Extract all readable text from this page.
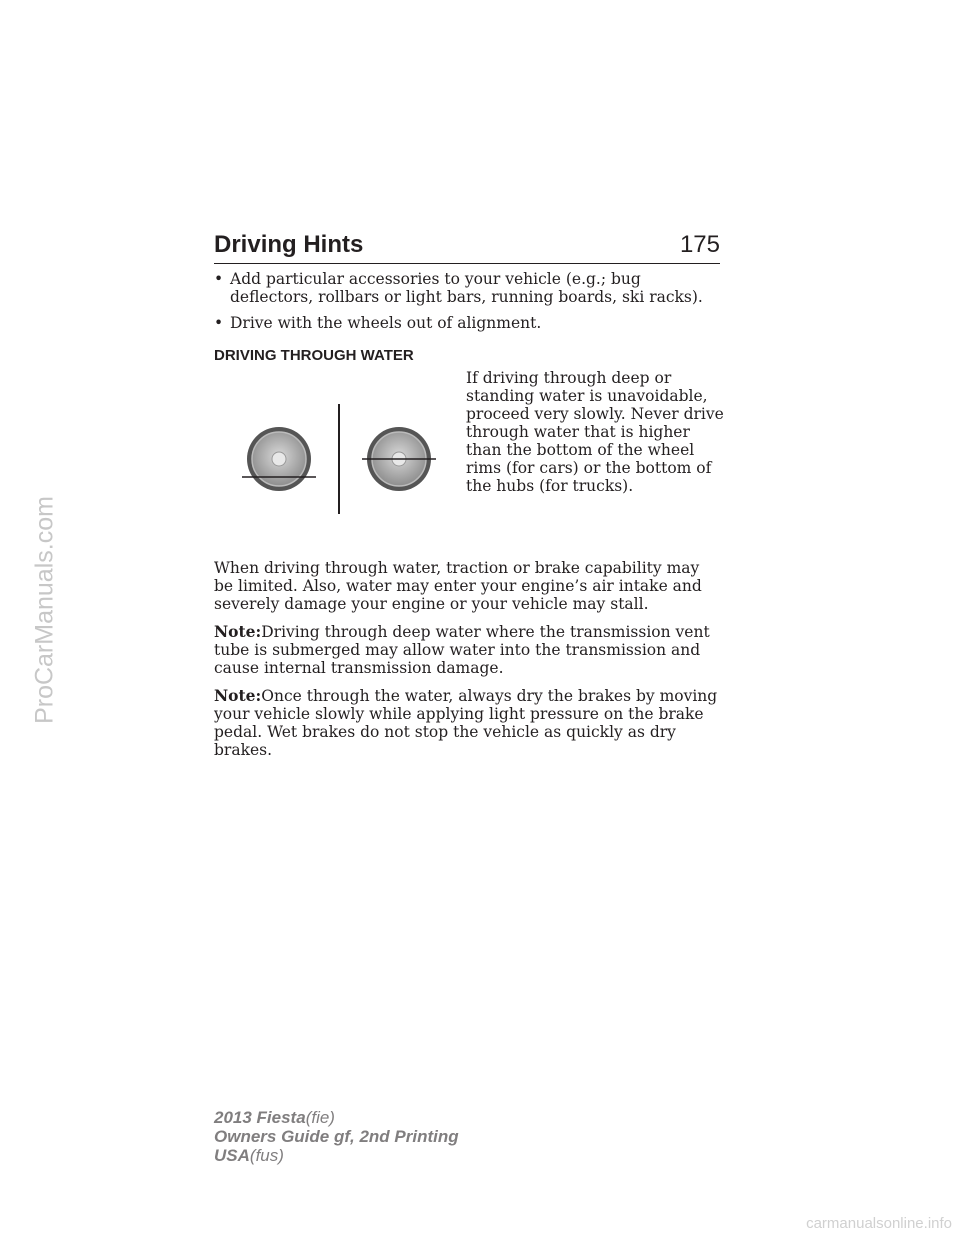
ProCarManuals.com
Driving Hints	175
• Add particular accessories to your vehicle (e.g.; bug deflectors, rollbars or light bars, running boards, ski racks).
• Drive with the wheels out of alignment.
DRIVING THROUGH WATER
If driving through deep or standing water is unavoidable, proceed very slowly. Never drive through water that is higher than the bottom of the wheel rims (for cars) or the bottom of the hubs (for trucks).
When driving through water, traction or brake capability may be limited. Also, water may enter your engine’s air intake and severely damage your engine or your vehicle may stall.
Note:Driving through deep water where the transmission vent tube is submerged may allow water into the transmission and cause internal transmission damage.
Note:Once through the water, always dry the brakes by moving your vehicle slowly while applying light pressure on the brake pedal. Wet brakes do not stop the vehicle as quickly as dry brakes.
2013 Fiesta(fie)
Owners Guide gf, 2nd Printing
USA(fus)
carmanualsonline.info
